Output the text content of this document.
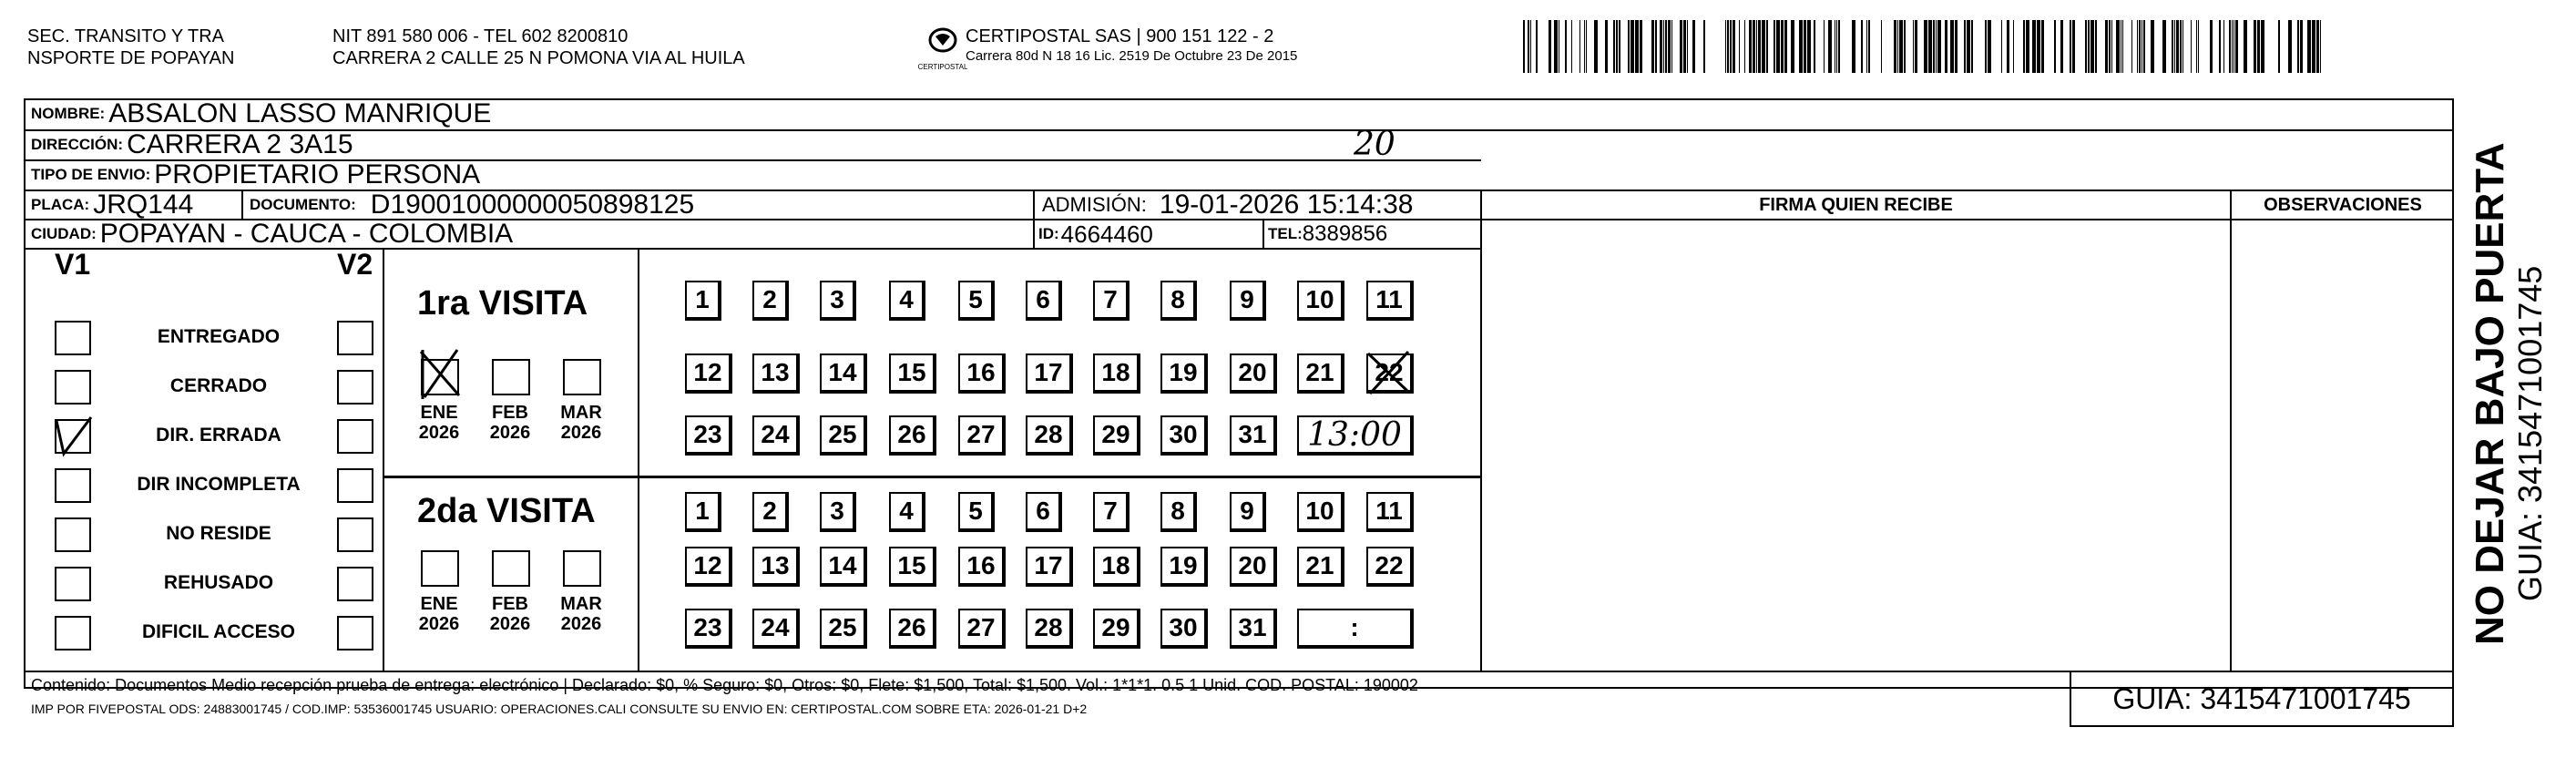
SEC. TRANSITO Y TRA
NSPORTE DE POPAYAN
NIT 891 580 006 - TEL 602 8200810
CARRERA 2 CALLE 25 N POMONA VIA AL HUILA	CERTIPOSTAL
CERTIPOSTAL SAS | 900 151 122 - 2
Carrera 80d N 18 16 Lic. 2519 De Octubre 23 De 2015
NOMBRE: ABSALON LASSO MANRIQUE
DIRECCIÓN: CARRERA 2 3A15	20
TIPO DE ENVIO: PROPIETARIO PERSONA
PLACA: JRQ144	DOCUMENTO: D19001000000050898125	ADMISIÓN: 19-01-2026 15:14:38
CIUDAD: POPAYAN - CAUCA - COLOMBIA	ID: 4664460	TEL: 8389856
FIRMA QUIEN RECIBE	OBSERVACIONES
V1	V2
ENTREGADO
CERRADO
DIR. ERRADA
DIR INCOMPLETA
NO RESIDE
REHUSADO
DIFICIL ACCESO
1ra VISITA
2da VISITA
ENE
2026
FEB
2026
MAR
2026
ENE
2026
FEB
2026
MAR
2026
1	2	3	4	5	6	7	8	9	10	11
12	13	14	15	16	17	18	19	20	21	22
23	24	25	26	27	28	29	30	31	13:00
1	2	3	4	5	6	7	8	9	10	11
12	13	14	15	16	17	18	19	20	21	22
23	24	25	26	27	28	29	30	31	:	NO DEJAR BAJO PUERTA GUIA: 3415471001745
Contenido: Documentos Medio recepción prueba de entrega: electrónico | Declarado: $0, % Seguro: $0, Otros: $0, Flete: $1,500, Total: $1,500. Vol.: 1*1*1. 0.5 1 Unid. COD. POSTAL: 190002
IMP POR FIVEPOSTAL ODS: 24883001745 / COD.IMP: 53536001745 USUARIO: OPERACIONES.CALI CONSULTE SU ENVIO EN: CERTIPOSTAL.COM SOBRE ETA: 2026-01-21 D+2	GUIA: 3415471001745
